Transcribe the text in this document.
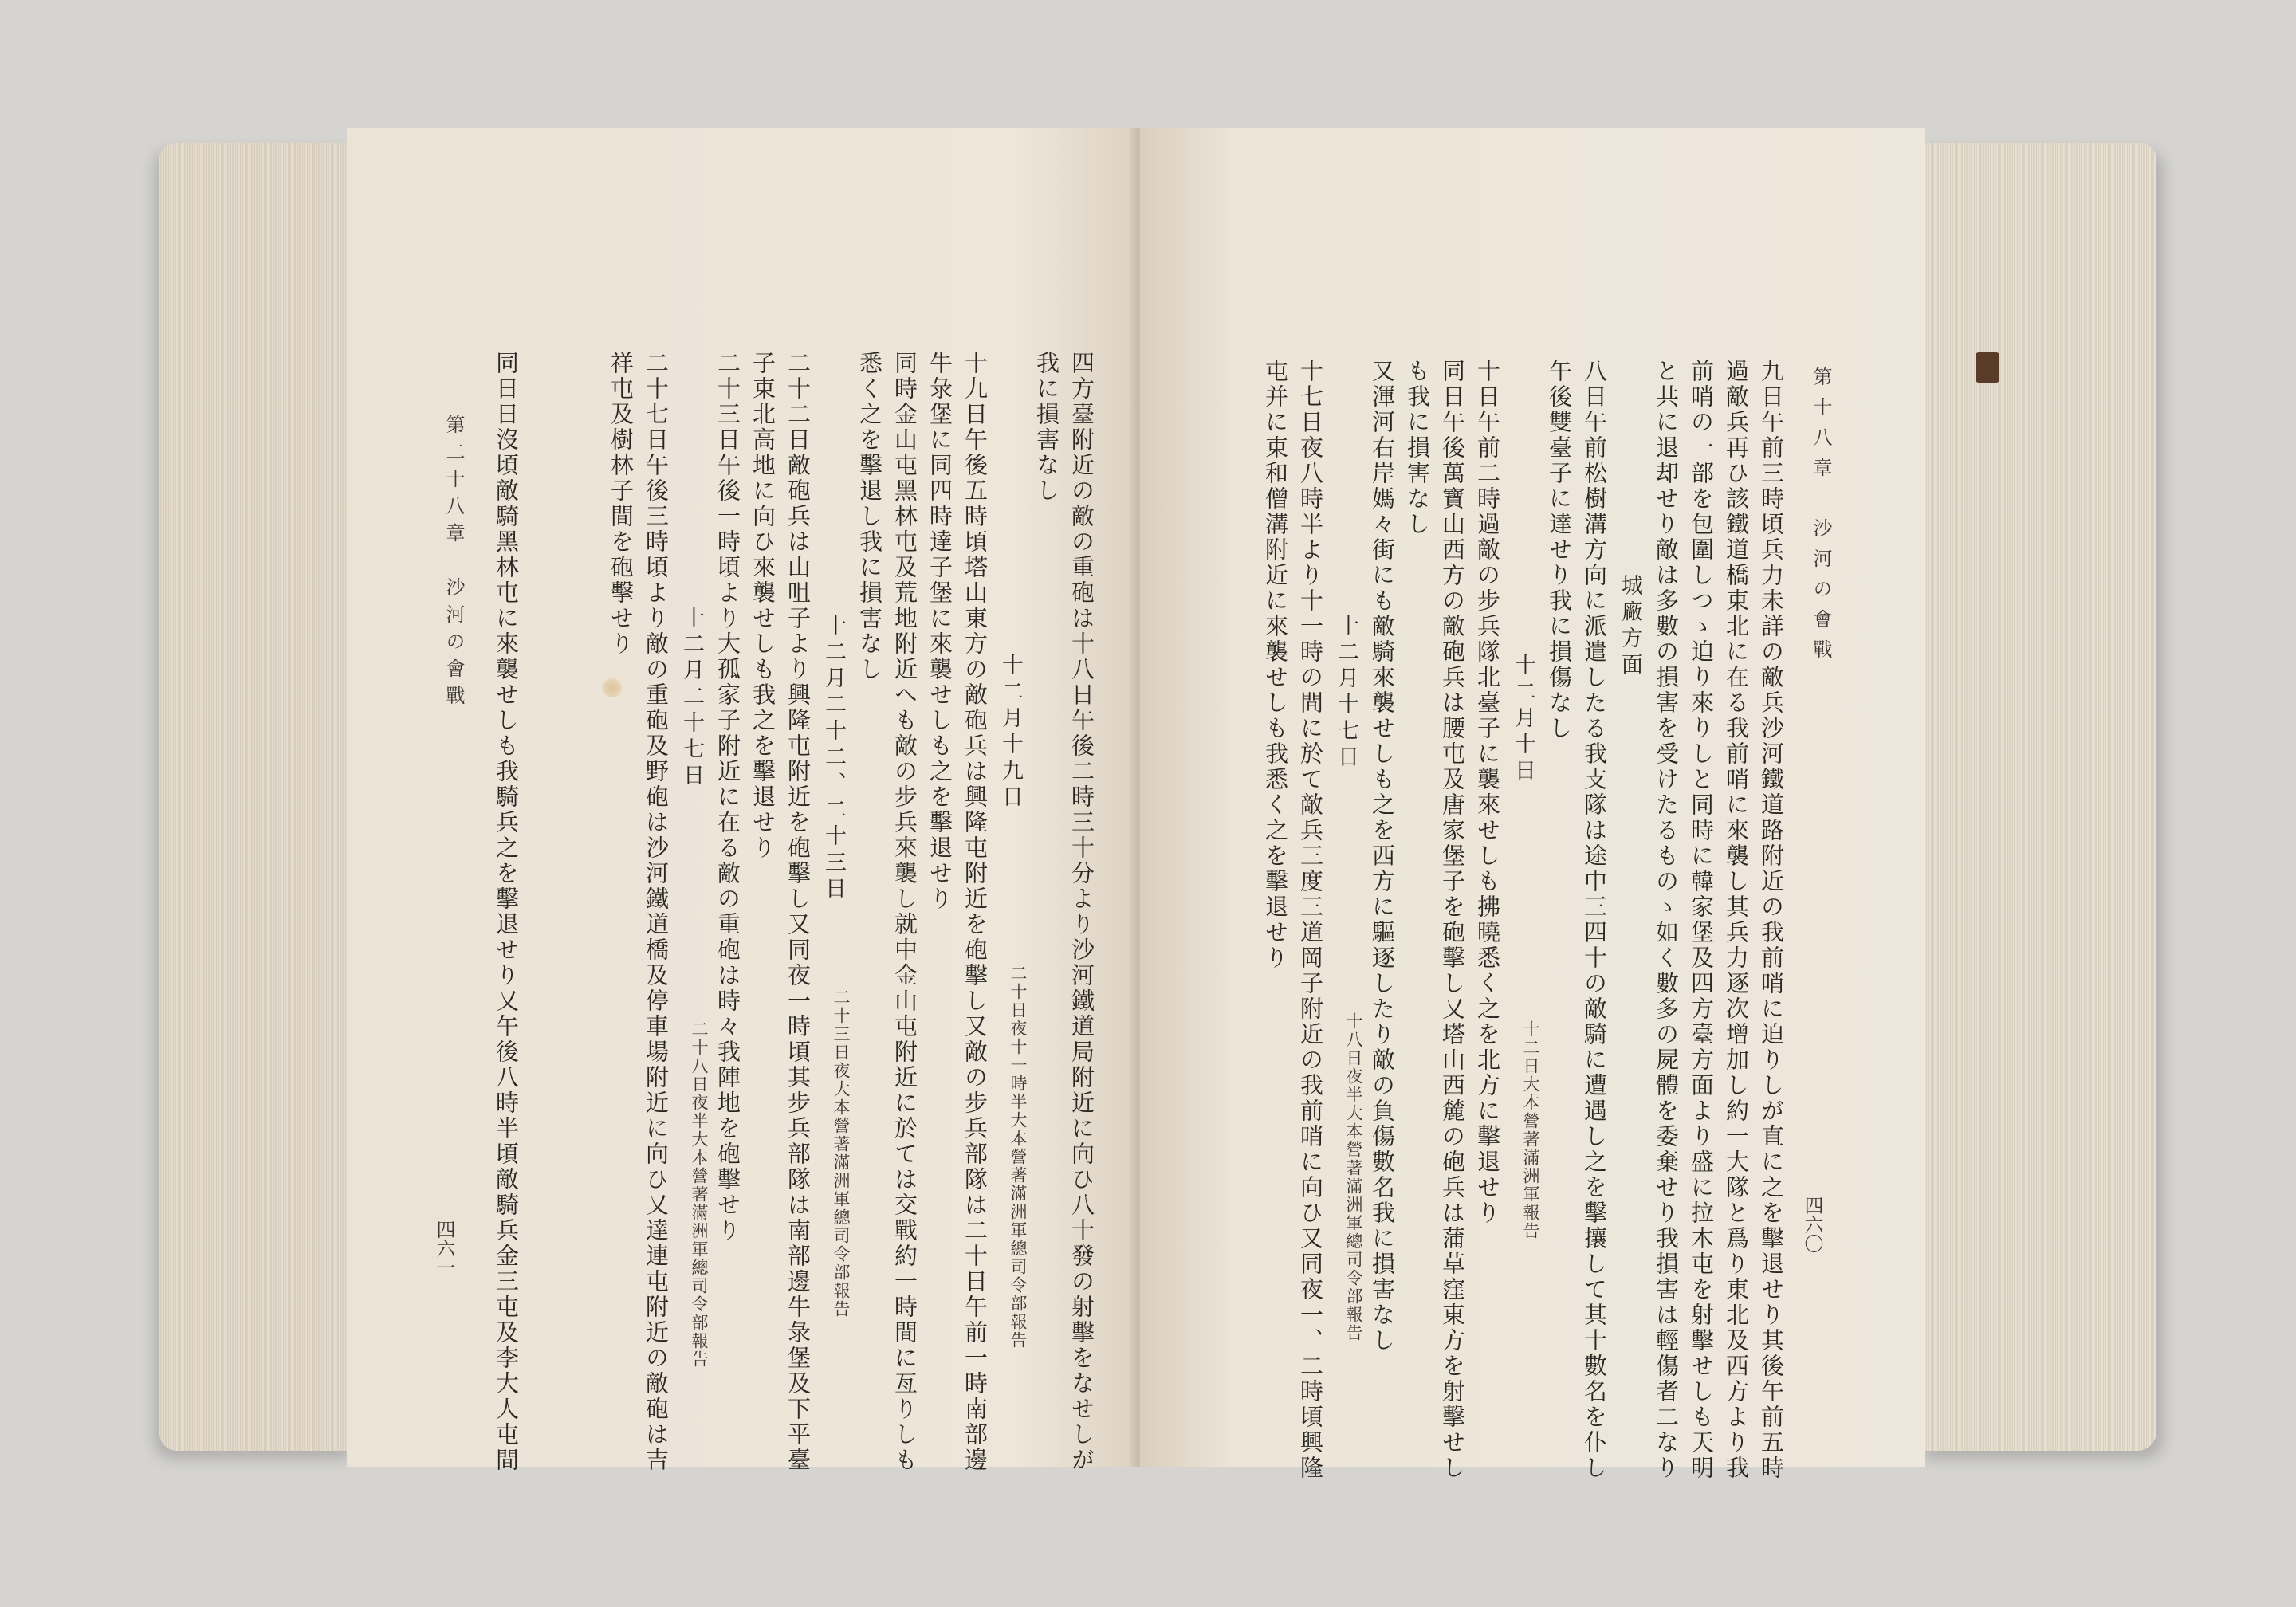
四方臺附近の敵の重砲は十八日午後二時三十分より沙河鐵道局附近に向ひ八十發の射擊をなせしが
我に損害なし
十二月十九日
二十日夜十一時半大本營著滿洲軍總司令部報告
十九日午後五時頃塔山東方の敵砲兵は興隆屯附近を砲擊し又敵の步兵部隊は二十日午前一時南部邊
牛彔堡に同四時達子堡に來襲せしも之を擊退せり
同時金山屯黑林屯及荒地附近へも敵の步兵來襲し就中金山屯附近に於ては交戰約一時間に亙りしも
悉く之を擊退し我に損害なし
十二月二十二、二十三日
二十三日夜大本營著滿洲軍總司令部報告
二十二日敵砲兵は山咀子より興隆屯附近を砲擊し又同夜一時頃其步兵部隊は南部邊牛彔堡及下平臺
子東北高地に向ひ來襲せしも我之を擊退せり
二十三日午後一時頃より大孤家子附近に在る敵の重砲は時々我陣地を砲擊せり
十二月二十七日
二十八日夜半大本營著滿洲軍總司令部報告
二十七日午後三時頃より敵の重砲及野砲は沙河鐵道橋及停車場附近に向ひ又達連屯附近の敵砲は吉
祥屯及樹林子間を砲擊せり
同日日沒頃敵騎黑林屯に來襲せしも我騎兵之を擊退せり又午後八時半頃敵騎兵金三屯及李大人屯間
第二十八章　沙河の會戰
四六一
第十八章　沙河の會戰
四六〇
九日午前三時頃兵力未詳の敵兵沙河鐵道路附近の我前哨に迫りしが直に之を擊退せり其後午前五時
過敵兵再ひ該鐵道橋東北に在る我前哨に來襲し其兵力逐次增加し約一大隊と爲り東北及西方より我
前哨の一部を包圍しつゝ迫り來りしと同時に韓家堡及四方臺方面より盛に拉木屯を射擊せしも天明
と共に退却せり敵は多數の損害を受けたるものゝ如く數多の屍體を委棄せり我損害は輕傷者二なり
城廠方面
八日午前松樹溝方向に派遣したる我支隊は途中三四十の敵騎に遭遇し之を擊攘して其十數名を仆し
午後雙臺子に達せり我に損傷なし
十二月十日
十二日大本營著滿洲軍報告
十日午前二時過敵の步兵隊北臺子に襲來せしも拂曉悉く之を北方に擊退せり
同日午後萬寶山西方の敵砲兵は腰屯及唐家堡子を砲擊し又塔山西麓の砲兵は蒲草窪東方を射擊せし
も我に損害なし
又渾河右岸媽々街にも敵騎來襲せしも之を西方に驅逐したり敵の負傷數名我に損害なし
十二月十七日
十八日夜半大本營著滿洲軍總司令部報告
十七日夜八時半より十一時の間に於て敵兵三度三道岡子附近の我前哨に向ひ又同夜一、二時頃興隆
屯并に東和僧溝附近に來襲せしも我悉く之を擊退せり
